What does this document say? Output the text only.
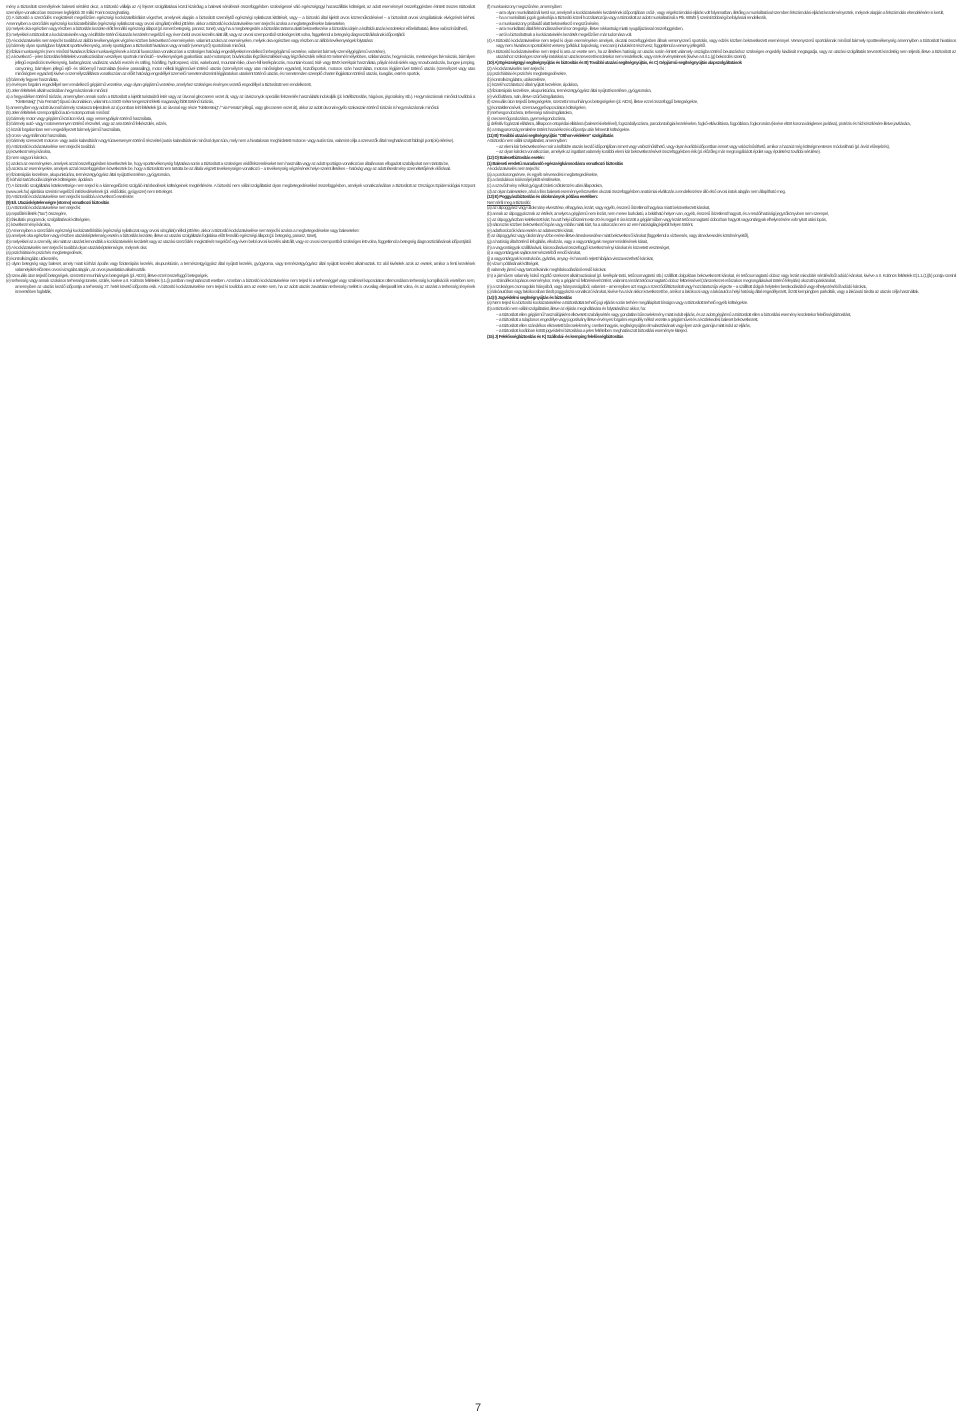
mény a Biztosított személyének baleseti sérülést okoz, a Biztosító vállalja az A) fejezet szolgáltatásai közül kizárólag a baleseti sérüléssel összefüggésben szükségessé váló egészségügyi hazaszállítás költségeit, az adott eseménnyel összefüggésben érintett összes Biztosított személyre vonatkozóan összesen legfeljebb 30 millió Forint összeghatárig.

(2) A biztosító a szerződés megkötését megelőzően egészségi kockázatelbírálást végezhet, amelynek alapján a biztosított személytől egészségi nyilatkozat kitöltését, vagy – a biztosító által kijelölt orvos közreműködésével – a biztosított orvosi vizsgálatának elvégzését kérheti. Amennyiben a szerződés egészségi kockázatelbírálás (egészségi nyilatkozat vagy orvosi vizsgálat) nélkül jött létre, akkor a Biztosító kockázatviselése nem terjed ki azokra a megbetegedésekre balesetekre,

(a) melyek oka egészben vagy részben a biztosítás kezdete előtt fennálló egészségi állapot (pl. ismert betegség, panasz, tünet), vagy ha a megbetegedés a biztosítás tartama alatti bekövetkezése a biztosítás idején a külföldi utazás kezdetekor előreláthatató, illetve valószínűsíthető,

(b) melyekkel a Biztosított a kockázatviselés vagy a külföldre történő kiutazás kezdetét megelőző egy éven belül orvosi kezelés alatt állt, vagy az orvosi szempontból szükséges lett volna, függetlenül a betegség diagnosztizálásának időpontjától.

(3) A kockázatviselés nem terjed ki továbbá az alábbi tevékenységek végzése közben bekövetkező eseményekre, valamint azokra az eseményekre, melyek oka egészben vagy részben az alábbi tevékenységek folytatása:

(a) bármely olyan sportágban folytatott sporttevékenység, amely sportágban a Biztosított hivatásos vagy amatőr (versenyző) sportolónak minősül,

(b) fizikai munkavégzés (nem minősül hivatásos fizikai munkavégzésnek a közúti fuvarozásra vonatkozóan a szükséges hatósági engedélyekkel rendelkező tehergépjármű vezetése, valamint bármely személygépjármű vezetése),

(c) a következő – jelen biztosítási feltételek vonatkozásában veszélyes sportnak minősülő – tevékenységek gyakorlása: autó-motorsport, búvárkodás légzőkészülékkel vagy légzőkészülék nélkül 40 méternél mélyebben, sziklamászás, hegymászás, mesterséges fal-mászás, bármilyen jellegű expedíciós tevékenység, barlangászat, vadászat, vadvízi evezés és rafting, hóráfting, hydrospeed, vízisí, wakeboard, mountain-bike, down-hill kerékpározás, mountain-board, triál- vagy BMX kerékpár használata, pályán kívüli síelés vagy snowboardozás, bungee jumping, canyoning, bármilyen jellegű ejtő- és siklóernyő használata (kivéve parasailing), motor nélküli légijárművel történő utazás (személyzet vagy utas minőségben egyaránt), küzdősportok, motoros szán használata, motoros légijárművel történő utazás (személyzet vagy utas minőségben egyaránt) kivéve a személyszállításra vonatkozóan az előírt hatósági engedéllyel üzemelő menetrendszerinti légijáratokon utasként történő utazás, és menetrenden szereplő charter légijáraton történő utazás, lovaglás, extrém sportok,

(d) bármely fegyver használata,

(e) érvényes forgalmi engedéllyel nem rendelkező gépjármű vezetése, vagy olyan gépjármű vezetése, amelyhez szükséges érvényes vezetői engedéllyel a Biztosított nem rendelkezett,

(4) Jelen feltételek alkalmazásában hegymászásnak minősül

a) a hegyvidéken történő túrázás, amennyiben annak során a Biztosított a kijelölt turistaútról letér vagy az útvonal gleccseren vezet át, vagy az útviszonyok speciális felszerelés használatát indokolják (pl. kötélbiztosítás, hágóvas, jégcsákány stb.). Hegymászásnak minősül továbbá a "Klettersteig" ("via Ferrata") típusú útvonalakon, valamint a 3.500 méter tengerszint feletti magasság fölött történő túrázás,

b) amennyiben egy adott útvonal bármely szakasza teljesülnek az a) pontban leírt feltételek (pl. az útvonal egy része "Klettersteig" / "via Ferrata" jellegű, vagy gleccseren vezet át), akkor az adott útvonal egyéb szakaszain történő túrázás is hegymászásnak minősül.

(5) Jelen feltételek szempontjából autó-motorsportnak minősül:

(a) bármely motor vagy gépjármű közúton kívül, vagy versenypályán történő használata,

(b) bármely autó- vagy motorversenyen történő részvétel, vagy az arra történő felkészülés, edzés,

(c) közúti forgalomban nem engedélyezett bármely jármű használata,

(d) cross- vagy triálmotor használata,

(e) bármely szervezett motoros- vagy autós kalandtúrán vagy túraversenyen történő részvétel (autós kalandtúrának minősül olyan túra, mely nem a hivatalosan meghirdetett motoros- vagy autós túra, valamint célja a szervezők által meghatározott földrajzi pont(ok) elérése).

(6) A Biztosító kockázatviselése nem terjed ki továbbá:

(a) következményi károkra,

(b) nem vagyoni károkra,

(c) azokra az eseményekre, amelyek azzal összefüggésben következtek be, hogy sporttevékenység folytatása során a Biztosított a szükséges védőfelszereléseket nem használta vagy az adott sportágra vonatkozóan általánosan elfogadott szabályokat nem tartotta be,

(d) azokra az eseményekre, amelyek azzal összefüggésben következtek be, hogy a Biztosított nem tartotta be az általa végzett tevékenységre vonatkozó – a tevékenység végzésének helye szerint illetékes – hatóság vagy az adott létesítmény üzemeltetőjének előírásait.

(e) fizioterápiás kezelésre, akupunktúrára, természetgyógyász által nyújtott kezelésre, gyógytornára,

(f) kórházi tartózkodás idejének költségeire, ápolásra

(7) A biztosító szolgáltatási kötelezettsége nem terjed ki a kármegelőzést szolgáló intézkedések költségeinek megtérítésére. A biztosító nem vállal szolgáltatást olyan megbetegedésekkel összefüggésben, amelyek vonatkozásában a Biztosított az Országos Epidemiológiai Központ (www.oek.hu) ajánlása szerinti megelőző intézkedéseknek (pl. védőoltás, gyógyszer) nem tett eleget.

(8) A Biztosító kockázatviselése nem terjed ki továbbá a következő eseténkre:

(9) II./I. Utazásképtelenségre (storno) vonatkozó biztosítás

(1) A Biztosító kockázatviselése nem terjed ki:

(a) repülőtéri illeték ("tax") összegére,

(b) fakultatív programok, szolgáltatások költségeire,

(c) következményi károkra,

(2) Amennyiben a szerződés egészségi kockázatelbírálás (egészségi nyilatkozat vagy orvosi vizsgálat) nélkül jött létre, akkor a Biztosító kockázatviselése nem terjed ki azokra a megbetegedésekre vagy balesetekre:

(a) amelyek oka egészben vagy részben utazásképtelenség esetén a biztosítás kezdete, illetve az utazási szolgáltatás foglalása előtt fennálló egészségi állapot (pl. betegség, panasz, tünet),

(b) melyekkel az a személy, aki miatt az utazást lemondták a kockázatviselés kezdetét vagy az utazási szerződés megkötését megelőző egy éven belül orvosi kezelés alatt állt, vagy ez orvosi szempontból szükséges lett volna, függetlenül a betegség diagnosztizálásának időpontjától.

(3) A kockázatviselés nem terjed ki továbbá olyan utazásképtelenségre, melynek oka:

(a) pszichiátriai és pszichés megbetegedések,

(b) kontrollvizsgálat, utókezelés,

(c) olyan betegség vagy baleset, amely miatt kórházi ápolás vagy fizioterápiás kezelés, akupunktúrán, a természetgyógyász által nyújtott kezelés, gyógytorna, vagy természetgyógyász által nyújtott kezelést alkalmaztak. Ez alól kivételek azok az esetek, amikor a fenti kezelések valamelyikét előzetes orvosi vizsgálat alapján, az orvos javaslatára alkalmazták.

(d) szexuális úton terjedő betegségek, szerzett immunhiányos betegségek (pl. AIDS), illetve ezzel összefüggő betegségek,

(e) terhesség vagy annak szokásos terhességi tünetei, szülés, kivéve a II. Különös feltételek I).1.(i) pontban meghatározott esetben. Azonban a biztosító kockázatviselése nem terjed ki a terhességgel vagy szüléssel kapcsolatos ütlemondásra terhesség komplikációk esetében sem, amennyiben az utazás kezdő időpontja a terhesség 27. hetét követő időpontra esik. A biztosító kockázatviselése nem terjed ki továbbá arra az esetre sem, ha az adott utazás zavartalan terhesség mellett is orvosilag ellenjavallt lett volna, és az utazást a terhesség tényének ismeretében foglalták,

(f) munkaviszony megszűnése, amennyiben:

– arra olyan munkáltatónál kerül sor, amelynél a kockázatviselés kezdetének időpontjában csőd-, vagy végelszámolási eljárás volt folyamatban, illetőleg a munkáltatóval szemben felszámolási eljárást kezdeményeztek, melynek alapján a felszámolás elrendelésére is került,

– ha a munkáltató jogok gyakorlója a Biztosító közeli hozzátartozója vagy a Biztosított az adott munkáltatónál a Ptk. 685/B § szerinti többségi befolyással rendelkezik,

– a munkaviszony próbaidő alatt bekövetkező megszűnésére,

– arra munkáltató általi felmondással kerül sor öregségi-, illetve rokkantság miatti nyugdíjazással összefüggésben,

– arról a biztosítottnak a kockázatviselés kezdetét megelőzően már tudomása volt.

(4) A Biztosító kockázatviselése nem terjed ki olyan eseményekre amelyek, okozati összefüggésben állnak versenyszerű sportolás, vagy edzés közben bekövetkezett eseménnyel. Versenyszerű sportolásnak minősül bármely sporttevékenység amennyiben a Biztosított hivatásos vagy nem hivatásos sportolóként verseny (például: bajnokság, meccsen) induloként részt vesz, függetlenül a verseny jellegétől.

(5) A Biztosító kockázatviselése nem terjed ki arra az esetre sem, ha az illetékes hatóság az utazás során érintett valamely országba történő beutazáshoz szükséges engedély kiadását megtagadja, vagy az utazási szolgáltatás tervezett kezdetéig nem teljesíti, illetve a Biztosított az utazáshoz szükséges személyi iratokkal az utazás tervezett kezdetekor nem rendelkezik, vagy ezek érvénytelenek (kivéve a II./I.1.(g) bekezdés szerint).

(10) A) Egészségügyi segítségnyújtás és biztosítás és B) További utazási segítségnyújtás, és C) Gépjármű-segítségnyújtás alapszolgáltatások

(2) A kockázatviselés nem terjed ki :

(a) pszichiátriai és pszichés megbetegedésekre,

(b) kontrollvizsgálatra, utókezelésre,

(c) közeli hozzátartozó által nyújtott kezelésre, ápolásra,

(d) fizioterápiás kezelésre, akupunktúrára, természetgyógyász által nyújtott kezelésre, gyógytornára,

(e) védőoltásra, rutin, illetve szűrővizsgálatokra,

(f) szexuális úton terjedő betegségekre, szerzett immunhiányos betegségekre (pl. AIDS), illetve ezzel összefüggő betegségekre,

(g) kontaktlencsével, szemüveggel kapcsolatos költségekre,

(h) terhesgondozásra, terhességi rutinvizsgálatokra,

(i) csecsemőgondozásra, gyermekgondozásra,

(j) definitív fogászati ellátásra, állkapocs-ortopédiai ellátásra (baleset kivételével), fogszabályozásra, parodontológiai kezelésekre, fogkő-eltávolításra, fogpótlásra, fogkoronára (kivéve eltört korona ideiglenes javítása), protézis és híd készítésére illetve javítására,

(k) a Magyarország területére történt hazaérkezés időpontja után felmerült költségekre.

(11) B) További utazási segítségnyújtás "Otthon-védelem" szolgáltatás

A Biztosító nem vállal szolgáltatást, amennyiben:

– az elemi kár bekövetkezése már a külföldre utazás kezdő időpontjában ismert vagy valószínűsíthető, vagy olyan korábbi időpontban ismert vagy valószínűsíthető, amikor a hazaút még költségmentesen módosítható (pl. árvízi előrejelzés),

– az olyan károkra vonatkozóan, amelyek az ingatlant valamely korábbi elemi kár bekövetkezésével összefüggésben érik (pl. előzőleg már megrongálódott épület vagy épületrész további sérülése).

(12) D) Balesetbiztosítás esetén:

(1) Baleseti eredetű maradandó egészségkárosodásra vonatkozó biztosítás

A kockázatviselés nem terjed ki:

(a) a porckorongsérvre, és egyéb sérvesedési megbetegedésekre,

(b) a rándulásos kórisméjel jelölt sérülésekre,

(c) a szövődmény nélkül gyógyult ízületi csőtükrözés utáni állapotokra,

(d) az olyan balesetekre, ahol a friss baleseti eseménnyel közvetlen okozati összefüggésben anatómiai elváltozás a rendelkezésre álló első orvosi iratok alapján nem állapítható meg.

(13) E) Poggyászbiztosítás és útiokmányok pótlása esetében:

Nem téríti meg a Biztosító:

(a) az útipoggyász vagy útiokmány elvesztése, elhagyása, lezárt, vagy egyéb, ésszerű őrizetlenül hagyása miatt bekövetkezett károkat,

(b) annak az útipoggyásznak az értékét, amelyet a gépjármű nem lezárt, nem merev burkolatú, a belátható helyen van, egyéb, ésszerű őrizetlenül hagyott, és a rendőrhatósági jegyzőkönyvben nem szerepel,

(c) az útipoggyászban keletkezett kárt, ha azt helyi időszerint este 20 és reggel 8 óra között a gépjárműben vagy lezárt tetőcsomagtartó dobozban hagyott vagyontárgyak elhelyezésére volt nyitott utáni lopás,

(d) sátorozás közben bekövetkező lopás vagy rablás miatti kárt, ha a sátorozás nem az erre hatóságilag kijelölt helyen történt,

(e) adathordozók kárai esetén az adatvesztés kárait,

(f) az útipoggyász vagy útiokmány vízbe esése illetve átnedvesedése miatt bekövetkező károkat (függetlenül a vízbeesés, vagy átnedvesedés körülményeitől),

(g) a hatóság által történő lefoglalás, elkobzás, vagy a vagyontárgyak megsemmisítésének kárait,

(h) a vagyontárgyak szállításával, károsodásával összefüggő következményi károkat és közvetett veszteséget,

(i) a vagyontárgyak sajátos természetéből eredő károkat,

(j) a vagyontárgyak konstrukciós, gyártási, anyag- és hasonló rejtett hibájára visszavezethető károkat,

(k) vízum pótlásának költségeit,

(l) valamely jármű vagy tartozékainak meghibásodásából eredő károkat.

(m) a járművön valamely külső rögzítő szerkezet alkalmazásával (pl. kerékpár-tartó, tetőcsomagtartó stb.) szállított dolgokban bekövetkezett károkat, és tetőcsomagtartó doboz vagy lezárt rakodótér sérüléséből adódó károkat, kivéve a II. Különös feltételek E)1.1.(1)(b) pontja szerinti szándékos lopásos eseménykor, mely a gépjármű feltörésével történt, valamint a lezárt tetőcsomagtartó doboz feltöréssével (zárszerkezet erőszakos megrongálásával történő felnyitás) okozott lopáskárokat,

(n) a szükséges csomagolás hiányából, vagy hiányosságából, valamint – amennyiben azt maga a Szerződő/Biztosított vagy hozzátartozója végezte – a szállított dolgok helytelen berakodásából vagy elhelyezéséből adódó károkat.,

(o) lakóautóban vagy lakókocsiban tárolt poggyászra vonatkozó károkat, kivéve ha a kár akkor következett be, amikor a lakókocsi vagy a lakóautót a helyi hatóság által engedélyezett, őrzött kempingben parkolták, vagy a lakóautó tárolta az utazás célja használtak.

(14) I) Jogvédelmi segítségnyújtás és biztosítás

(a) Nem terjed ki a biztosító kockázatviselése a Biztosítottat terhelő jogi eljárás során terhére megállapított bírságra vagy a Biztosított terhelő egyéb költségekre.

(b) a Biztosító nem vállal szolgáltatást, illetve az eljárás megindítására és folytatásához akkor, ha:

– a Biztosított ellen gépjármű használójaként elkövetett szabálysértés vagy gondatlan bűncselekmény miatt indult eljárás, és az adott gépjármű a Biztosított ellen a biztosítási esemény kezdetekor felelősségbiztosítást,

– a Biztosított a tulajdonos engedélye vagy jogosítvány illetve érvényes forgalmi engedély nélkül vezette a gépjárművet és a közlekedési baleset bekövetkezett,

– a Biztosított ellen szándékos elkövetett bűncselekmény, cserbenhagyás, segítségnyújtás elmulasztásának vagy ilyen azok gyanúja miatt indul az eljárás,

– a Biztosított korábban kötött jogvédelmi biztosítása a jelen feltételben meghatározott biztosítási eseményre kiterjed.

(15) J) Felelősségbiztosítás és K) Szállodai- és kemping felelősségbiztosítás

7
